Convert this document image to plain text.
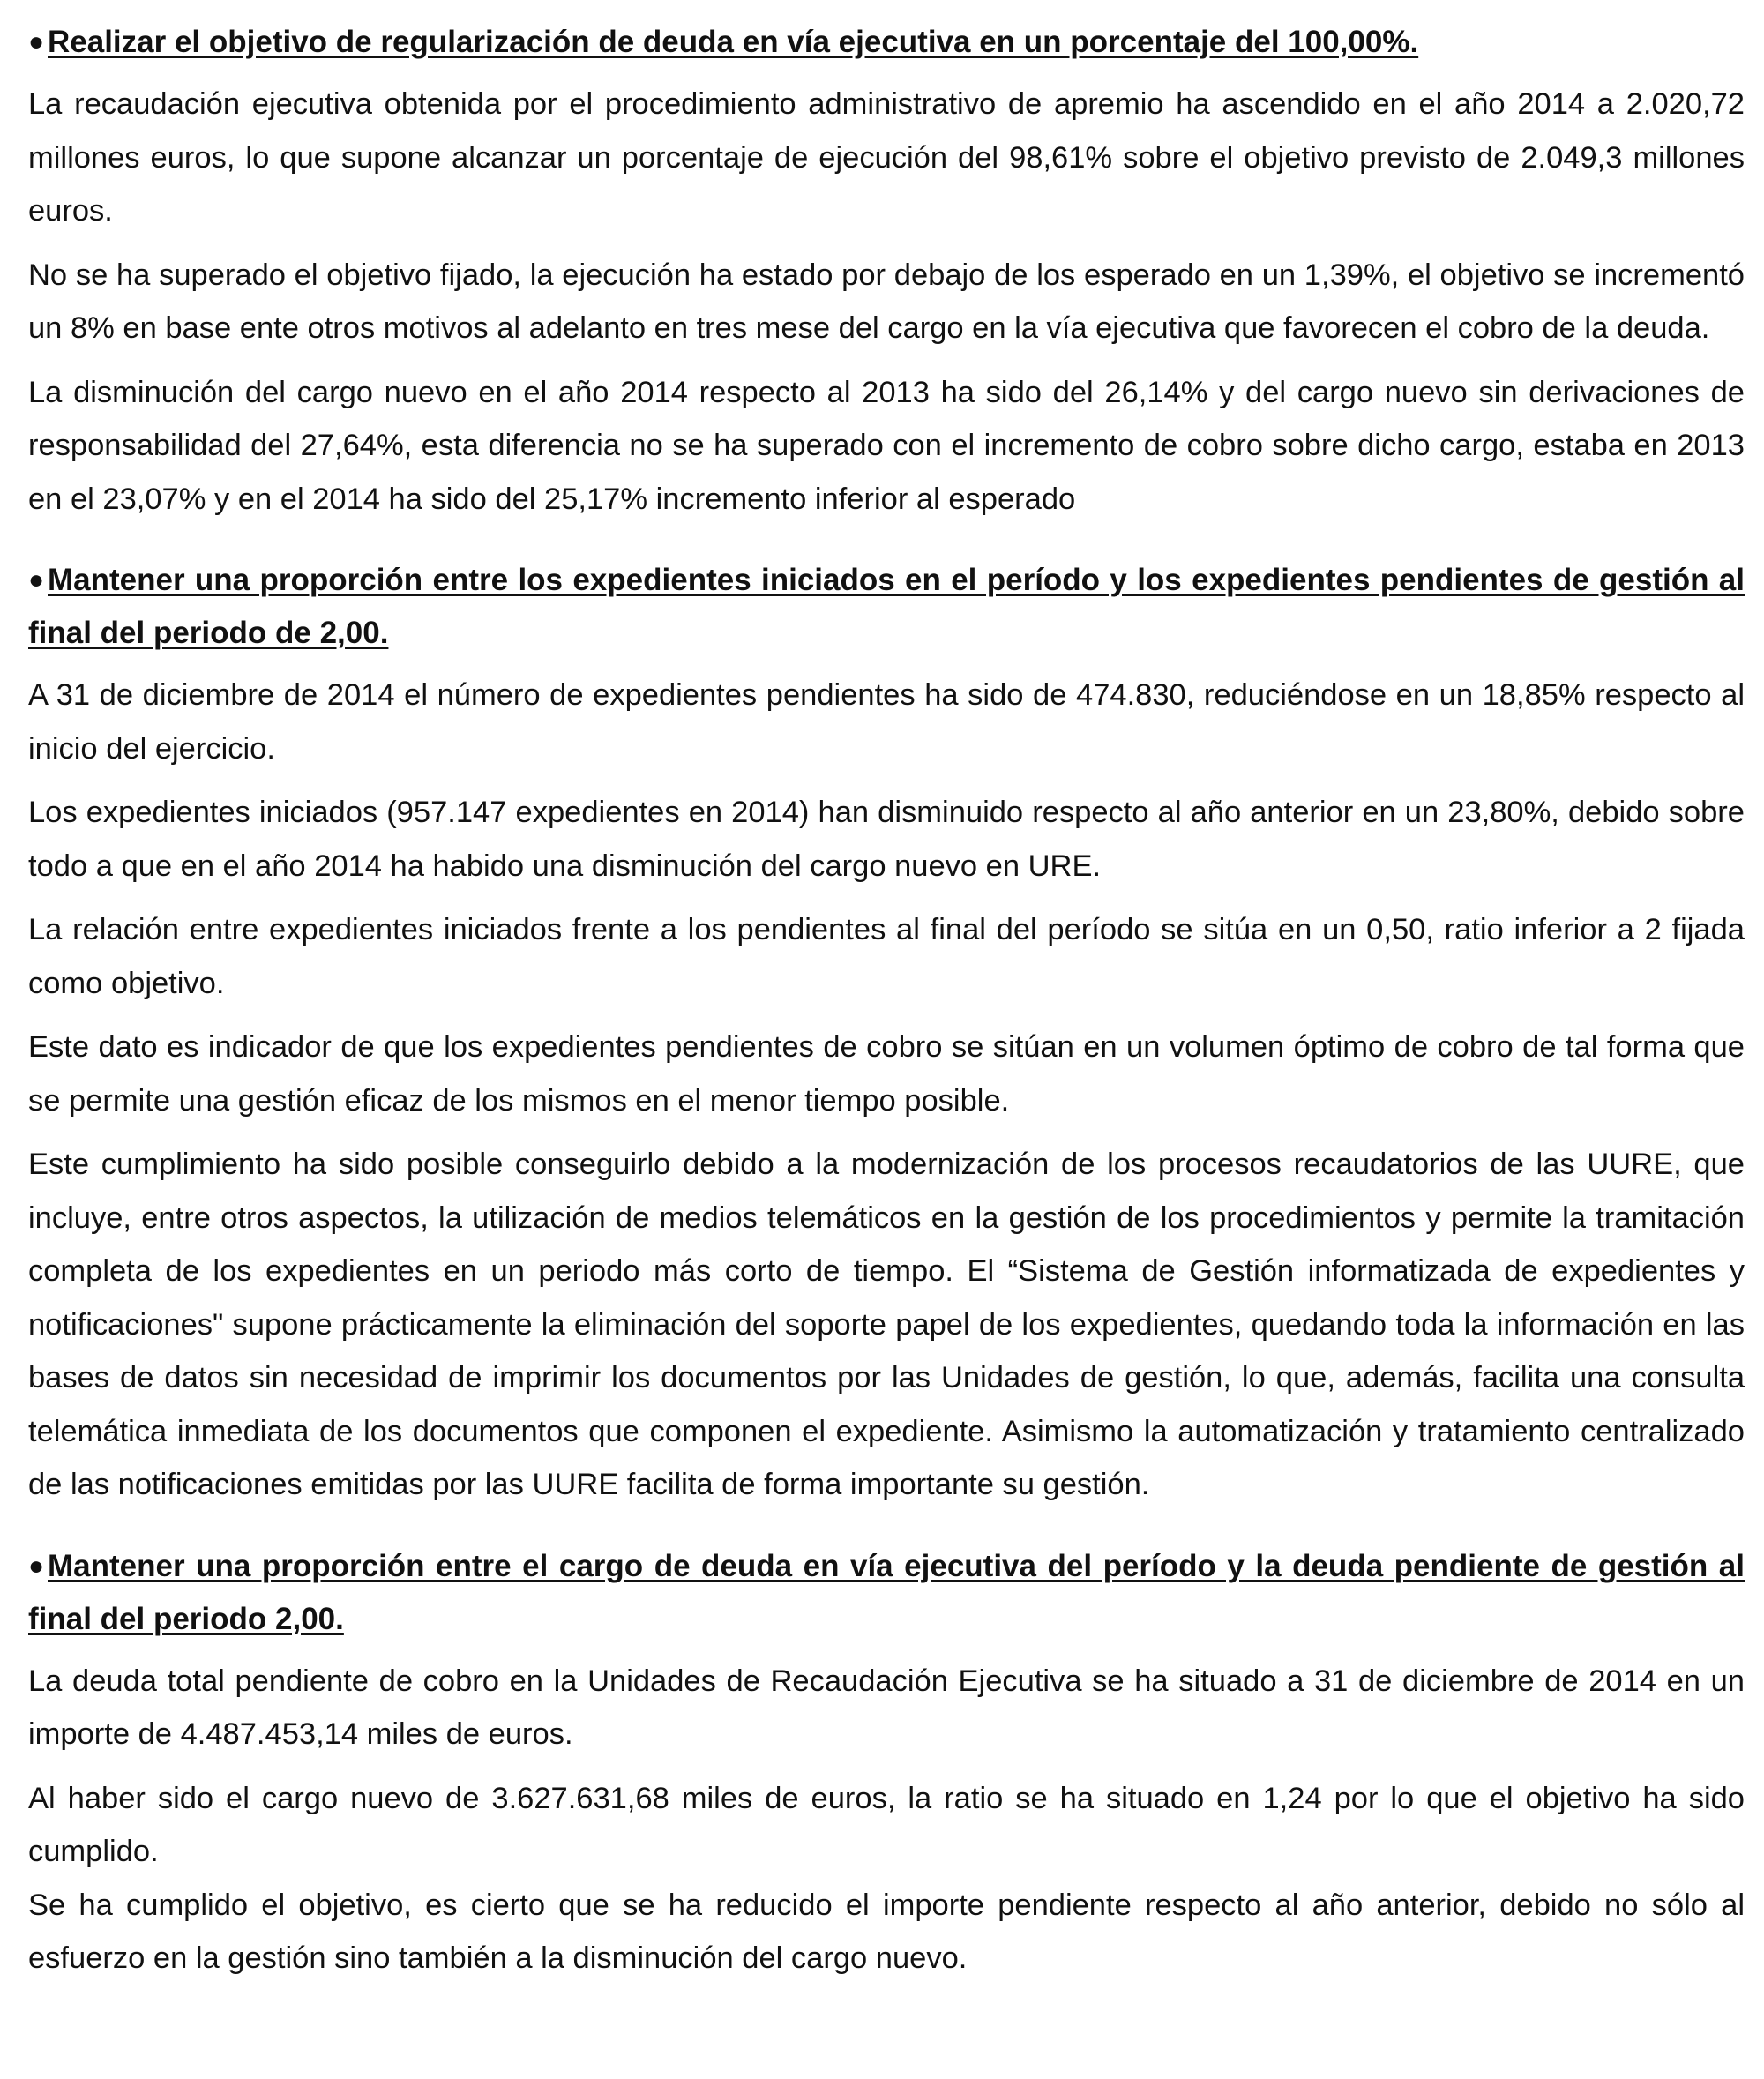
● Realizar el objetivo de regularización de deuda en vía ejecutiva en un porcentaje del 100,00%.

La recaudación ejecutiva obtenida por el procedimiento administrativo de apremio ha ascendido en el año 2014 a 2.020,72 millones euros, lo que supone alcanzar un porcentaje de ejecución del 98,61% sobre el objetivo previsto de 2.049,3 millones euros.

No se ha superado el objetivo fijado, la ejecución ha estado por debajo de los esperado en un 1,39%, el objetivo se incrementó un 8% en base ente otros motivos al adelanto en tres mese del cargo en la vía ejecutiva que favorecen el cobro de la deuda.

La disminución del cargo nuevo en el año 2014 respecto al 2013 ha sido del 26,14% y del cargo nuevo sin derivaciones de responsabilidad del 27,64%, esta diferencia no se ha superado con el incremento de cobro sobre dicho cargo, estaba en 2013 en el 23,07% y en el 2014 ha sido del 25,17% incremento inferior al esperado

● Mantener una proporción entre los expedientes iniciados en el período y los expedientes pendientes de gestión al final del periodo de 2,00.

A 31 de diciembre de 2014 el número de expedientes pendientes ha sido de 474.830, reduciéndose en un 18,85% respecto al inicio del ejercicio.

Los expedientes iniciados (957.147 expedientes en 2014) han disminuido respecto al año anterior en un 23,80%, debido sobre todo a que en el año 2014 ha habido una disminución del cargo nuevo en URE.

La relación entre expedientes iniciados frente a los pendientes al final del período se sitúa en un 0,50, ratio inferior a 2 fijada como objetivo.

Este dato es indicador de que los expedientes pendientes de cobro se sitúan en un volumen óptimo de cobro de tal forma que se permite una gestión eficaz de los mismos en el menor tiempo posible.

Este cumplimiento ha sido posible conseguirlo debido a la modernización de los procesos recaudatorios de las UURE, que incluye, entre otros aspectos, la utilización de medios telemáticos en la gestión de los procedimientos y permite la tramitación completa de los expedientes en un periodo más corto de tiempo. El “Sistema de Gestión informatizada de expedientes y notificaciones" supone prácticamente la eliminación del soporte papel de los expedientes, quedando toda la información en las bases de datos sin necesidad de imprimir los documentos por las Unidades de gestión, lo que, además, facilita una consulta telemática inmediata de los documentos que componen el expediente. Asimismo la automatización y tratamiento centralizado de las notificaciones emitidas por las UURE facilita de forma importante su gestión.

● Mantener una proporción entre el cargo de deuda en vía ejecutiva del período y la deuda pendiente de gestión al final del periodo 2,00.

La deuda total pendiente de cobro en la Unidades de Recaudación Ejecutiva se ha situado a 31 de diciembre de 2014 en un importe de 4.487.453,14 miles de euros.

Al haber sido el cargo nuevo de 3.627.631,68 miles de euros, la ratio se ha situado en 1,24 por lo que el objetivo ha sido cumplido.

Se ha cumplido el objetivo, es cierto que se ha reducido el importe pendiente respecto al año anterior, debido no sólo al esfuerzo en la gestión sino también a la disminución del cargo nuevo.
